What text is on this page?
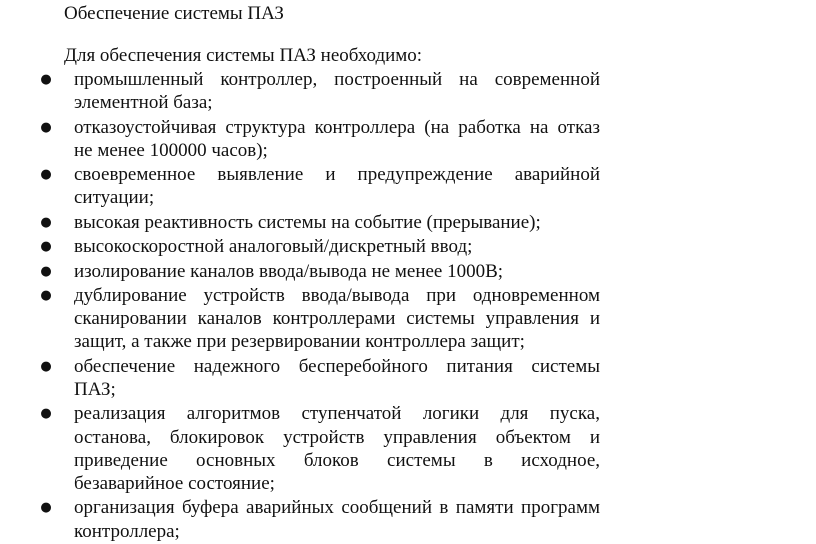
Обеспечение системы ПАЗ
Для обеспечения системы ПАЗ необходимо:
● промышленный контроллер, построенный на современной
элементной база;
● отказоустойчивая структура контроллера (на работка на отказ
не менее 100000 часов);
● своевременное выявление и предупреждение аварийной
ситуации;
● высокая реактивность системы на событие (прерывание);
● высокоскоростной аналоговый/дискретный ввод;
● изолирование каналов ввода/вывода не менее 1000В;
● дублирование устройств ввода/вывода при одновременном
сканировании каналов контроллерами системы управления и
защит, а также при резервировании контроллера защит;
● обеспечение надежного бесперебойного питания системы
ПАЗ;
● реализация алгоритмов ступенчатой логики для пуска,
останова, блокировок устройств управления объектом и
приведение основных блоков системы в исходное,
безаварийное состояние;
● организация буфера аварийных сообщений в памяти программ
контроллера;
